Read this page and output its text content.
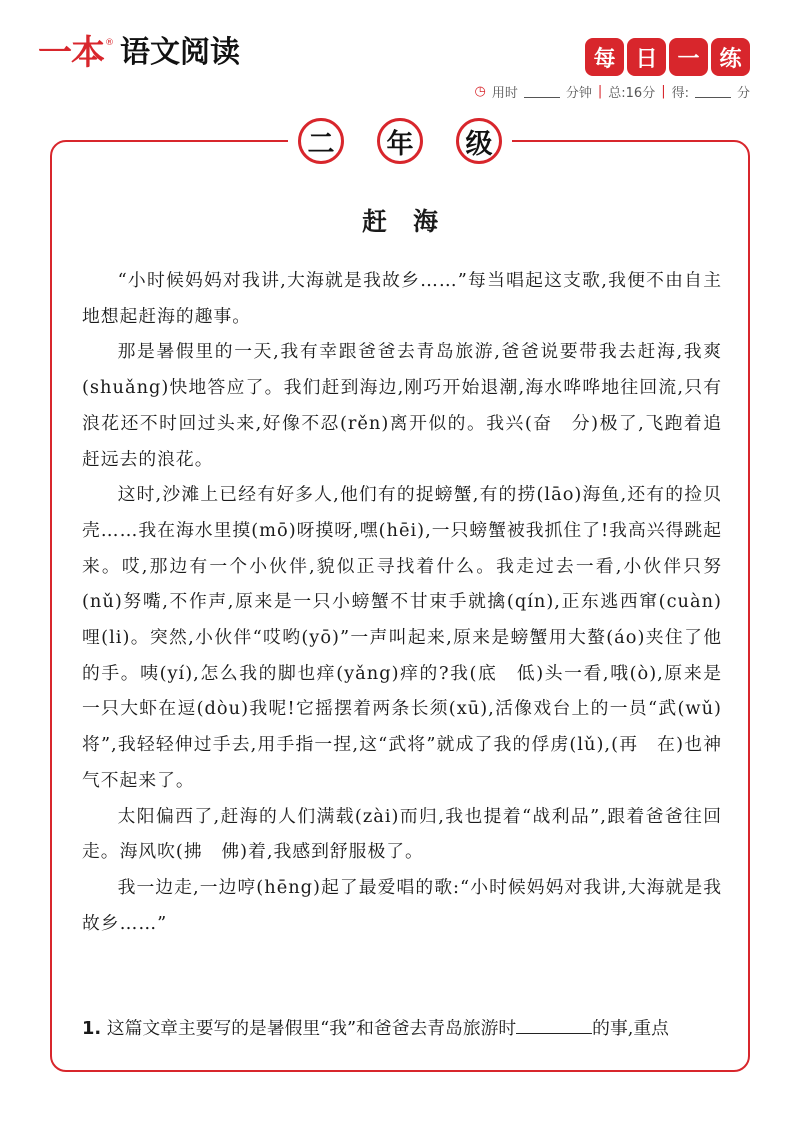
一本 ® 语文阅读	每 日 一 练
◷ 用时	分钟 | 总:16分 | 得:	分
二	年	级
赶海

“小时候妈妈对我讲,大海就是我故乡……”每当唱起这支歌,我便不由自主地想起赶海的趣事。

那是暑假里的一天,我有幸跟爸爸去青岛旅游,爸爸说要带我去赶海,我爽(shuǎng)快地答应了。我们赶到海边,刚巧开始退潮,海水哗哗地往回流,只有浪花还不时回过头来,好像不忍(rěn)离开似的。我兴(奋　分)极了,飞跑着追赶远去的浪花。

这时,沙滩上已经有好多人,他们有的捉螃蟹,有的捞(lāo)海鱼,还有的捡贝壳……我在海水里摸(mō)呀摸呀,嘿(hēi),一只螃蟹被我抓住了!我高兴得跳起来。哎,那边有一个小伙伴,貌似正寻找着什么。我走过去一看,小伙伴只努(nǔ)努嘴,不作声,原来是一只小螃蟹不甘束手就擒(qín),正东逃西窜(cuàn)哩(li)。突然,小伙伴“哎哟(yō)”一声叫起来,原来是螃蟹用大螯(áo)夹住了他的手。咦(yí),怎么我的脚也痒(yǎng)痒的?我(底　低)头一看,哦(ò),原来是一只大虾在逗(dòu)我呢!它摇摆着两条长须(xū),活像戏台上的一员“武(wǔ)将”,我轻轻伸过手去,用手指一捏,这“武将”就成了我的俘虏(lǔ),(再　在)也神气不起来了。

太阳偏西了,赶海的人们满载(zài)而归,我也提着“战利品”,跟着爸爸往回走。海风吹(拂　佛)着,我感到舒服极了。

我一边走,一边哼(hēng)起了最爱唱的歌:“小时候妈妈对我讲,大海就是我故乡……”

1. 这篇文章主要写的是暑假里“我”和爸爸去青岛旅游时	的事,重点
